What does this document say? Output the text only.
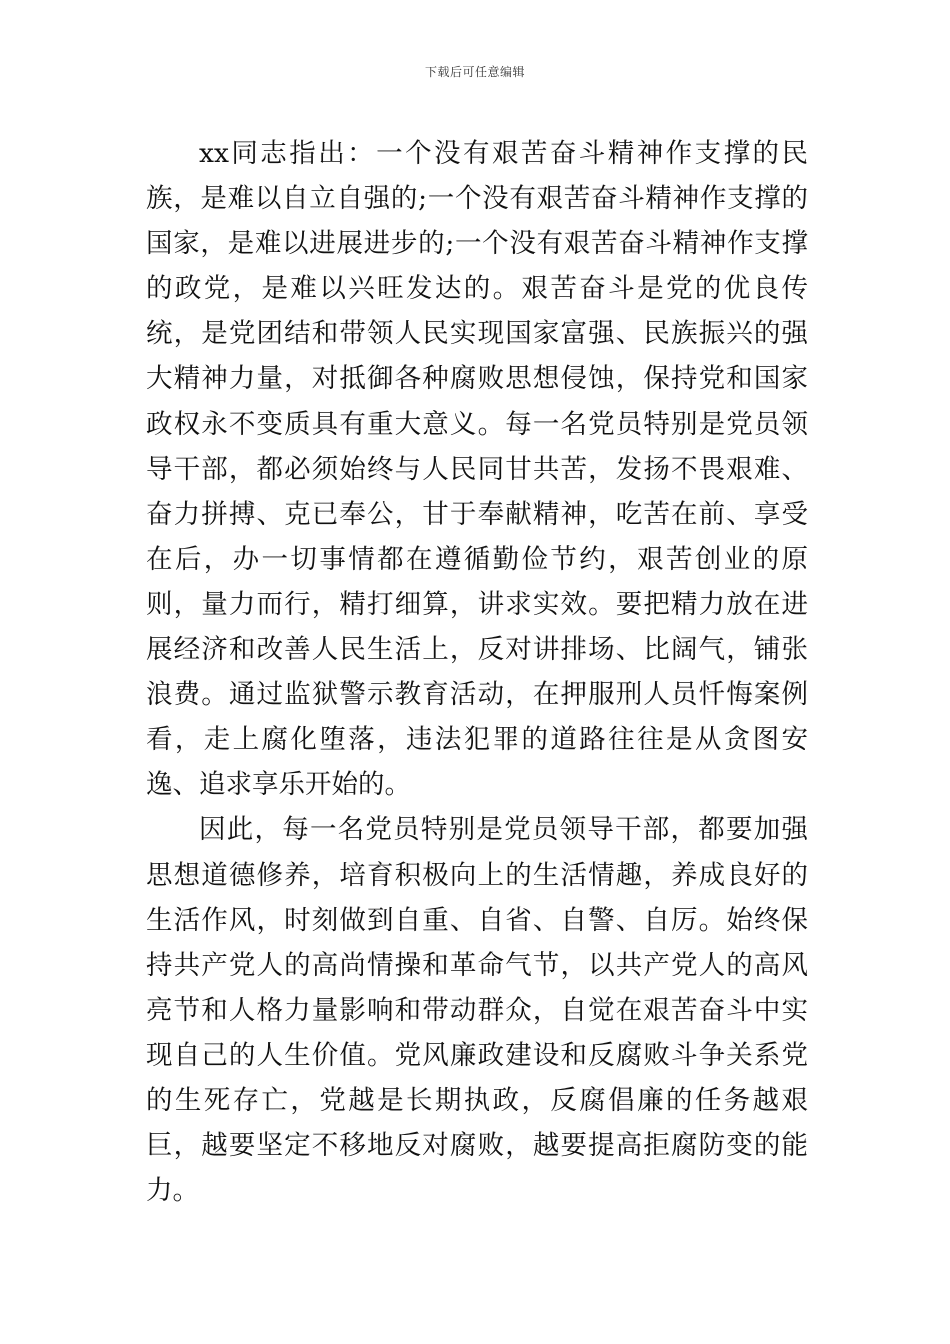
下载后可任意编辑

xx同志指出：一个没有艰苦奋斗精神作支撑的民族，是难以自立自强的;一个没有艰苦奋斗精神作支撑的国家，是难以进展进步的;一个没有艰苦奋斗精神作支撑的政党，是难以兴旺发达的。艰苦奋斗是党的优良传统，是党团结和带领人民实现国家富强、民族振兴的强大精神力量，对抵御各种腐败思想侵蚀，保持党和国家政权永不变质具有重大意义。每一名党员特别是党员领导干部，都必须始终与人民同甘共苦，发扬不畏艰难、奋力拼搏、克已奉公，甘于奉献精神，吃苦在前、享受在后，办一切事情都在遵循勤俭节约，艰苦创业的原则，量力而行，精打细算，讲求实效。要把精力放在进展经济和改善人民生活上，反对讲排场、比阔气，铺张浪费。通过监狱警示教育活动，在押服刑人员忏悔案例看，走上腐化堕落，违法犯罪的道路往往是从贪图安逸、追求享乐开始的。

因此，每一名党员特别是党员领导干部，都要加强思想道德修养，培育积极向上的生活情趣，养成良好的生活作风，时刻做到自重、自省、自警、自厉。始终保持共产党人的高尚情操和革命气节，以共产党人的高风亮节和人格力量影响和带动群众，自觉在艰苦奋斗中实现自己的人生价值。党风廉政建设和反腐败斗争关系党的生死存亡，党越是长期执政，反腐倡廉的任务越艰巨，越要坚定不移地反对腐败，越要提高拒腐防变的能力。
